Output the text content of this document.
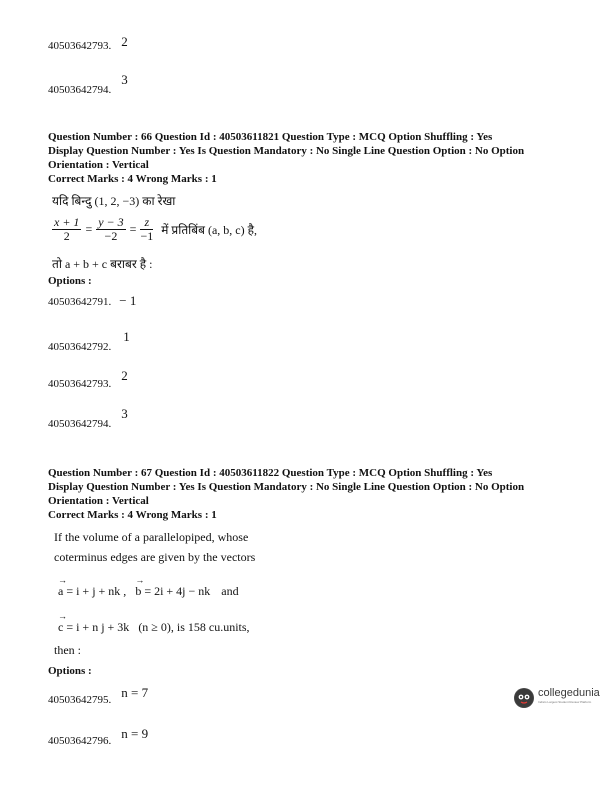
40503642793. 2
$_{40503642794.}$ $^3$
Question Number : 66 Question Id : 40503611821 Question Type : MCQ Option Shuffling : Yes
Display Question Number : Yes Is Question Mandatory : No Single Line Question Option : No Option
Orientation : Vertical
Correct Marks : 4 Wrong Marks : 1
यदि बिन्दु (1, 2, −3) का रेखा
$\frac{x + 1}{2} = \frac{y - 3}{-2} = \frac{z}{-1}$ में प्रतिबिंब (a, b, c) है,
तो a + b + c बराबर है :
Options :
40503642791. − 1
$_{40503642792.}$ 1
$_{40503642793.}$ 2
$_{40503642794.}$ 3
Question Number : 67 Question Id : 40503611822 Question Type : MCQ Option Shuffling : Yes
Display Question Number : Yes Is Question Mandatory : No Single Line Question Option : No Option
Orientation : Vertical
Correct Marks : 4 Wrong Marks : 1
If the volume of a parallelopiped, whose
coterminus edges are given by the vectors
→
a = i + j + nk ,
→
b = 2i + 4j − nk and
→
c = i + n j + 3k (n ≥ 0), is 158 cu.units,
then :
Options :
$_{40503642795.}$ n = 7
$_{40503642796.}$ n = 9

collegedunia
India's Largest Student Review Platform
